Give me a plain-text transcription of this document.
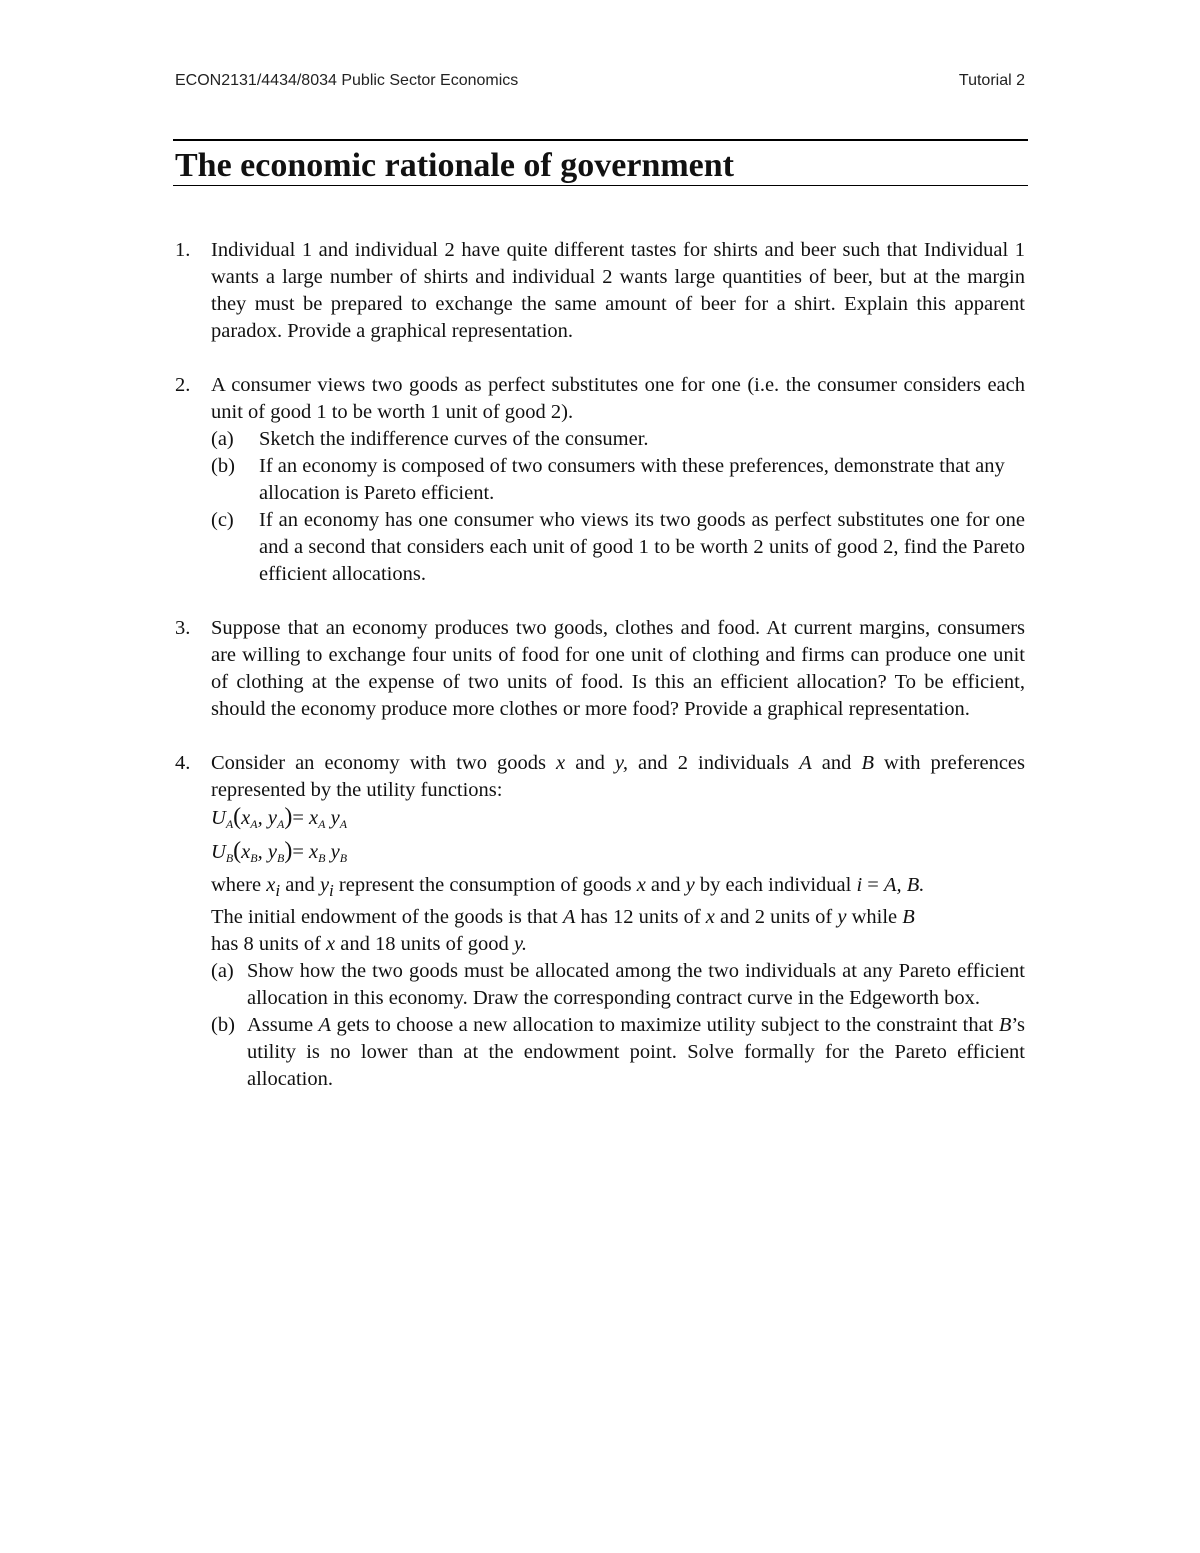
ECON2131/4434/8034 Public Sector Economics	Tutorial 2
The economic rationale of government
1. Individual 1 and individual 2 have quite different tastes for shirts and beer such that Individual 1 wants a large number of shirts and individual 2 wants large quantities of beer, but at the margin they must be prepared to exchange the same amount of beer for a shirt. Explain this apparent paradox. Provide a graphical representation.
2. A consumer views two goods as perfect substitutes one for one (i.e. the consumer considers each unit of good 1 to be worth 1 unit of good 2).
(a) Sketch the indifference curves of the consumer.
(b) If an economy is composed of two consumers with these preferences, demonstrate that any allocation is Pareto efficient.
(c) If an economy has one consumer who views its two goods as perfect substitutes one for one and a second that considers each unit of good 1 to be worth 2 units of good 2, find the Pareto efficient allocations.
3. Suppose that an economy produces two goods, clothes and food. At current margins, consumers are willing to exchange four units of food for one unit of clothing and firms can produce one unit of clothing at the expense of two units of food. Is this an efficient allocation? To be efficient, should the economy produce more clothes or more food? Provide a graphical representation.
4. Consider an economy with two goods x and y, and 2 individuals A and B with preferences represented by the utility functions:
$U_A(x_A$, $y_A)= x_A$ $y_A$
$U_B(x_B$, $y_B)= x_B$ $y_B$
where $x_i$ and $y_i$ represent the consumption of goods x and y by each individual i = A, B.
The initial endowment of the goods is that A has 12 units of x and 2 units of y while B
has 8 units of x and 18 units of good y.
(a) Show how the two goods must be allocated among the two individuals at any Pareto efficient allocation in this economy. Draw the corresponding contract curve in the Edgeworth box.
(b) Assume A gets to choose a new allocation to maximize utility subject to the constraint that B’s utility is no lower than at the endowment point. Solve formally for the Pareto efficient allocation.
